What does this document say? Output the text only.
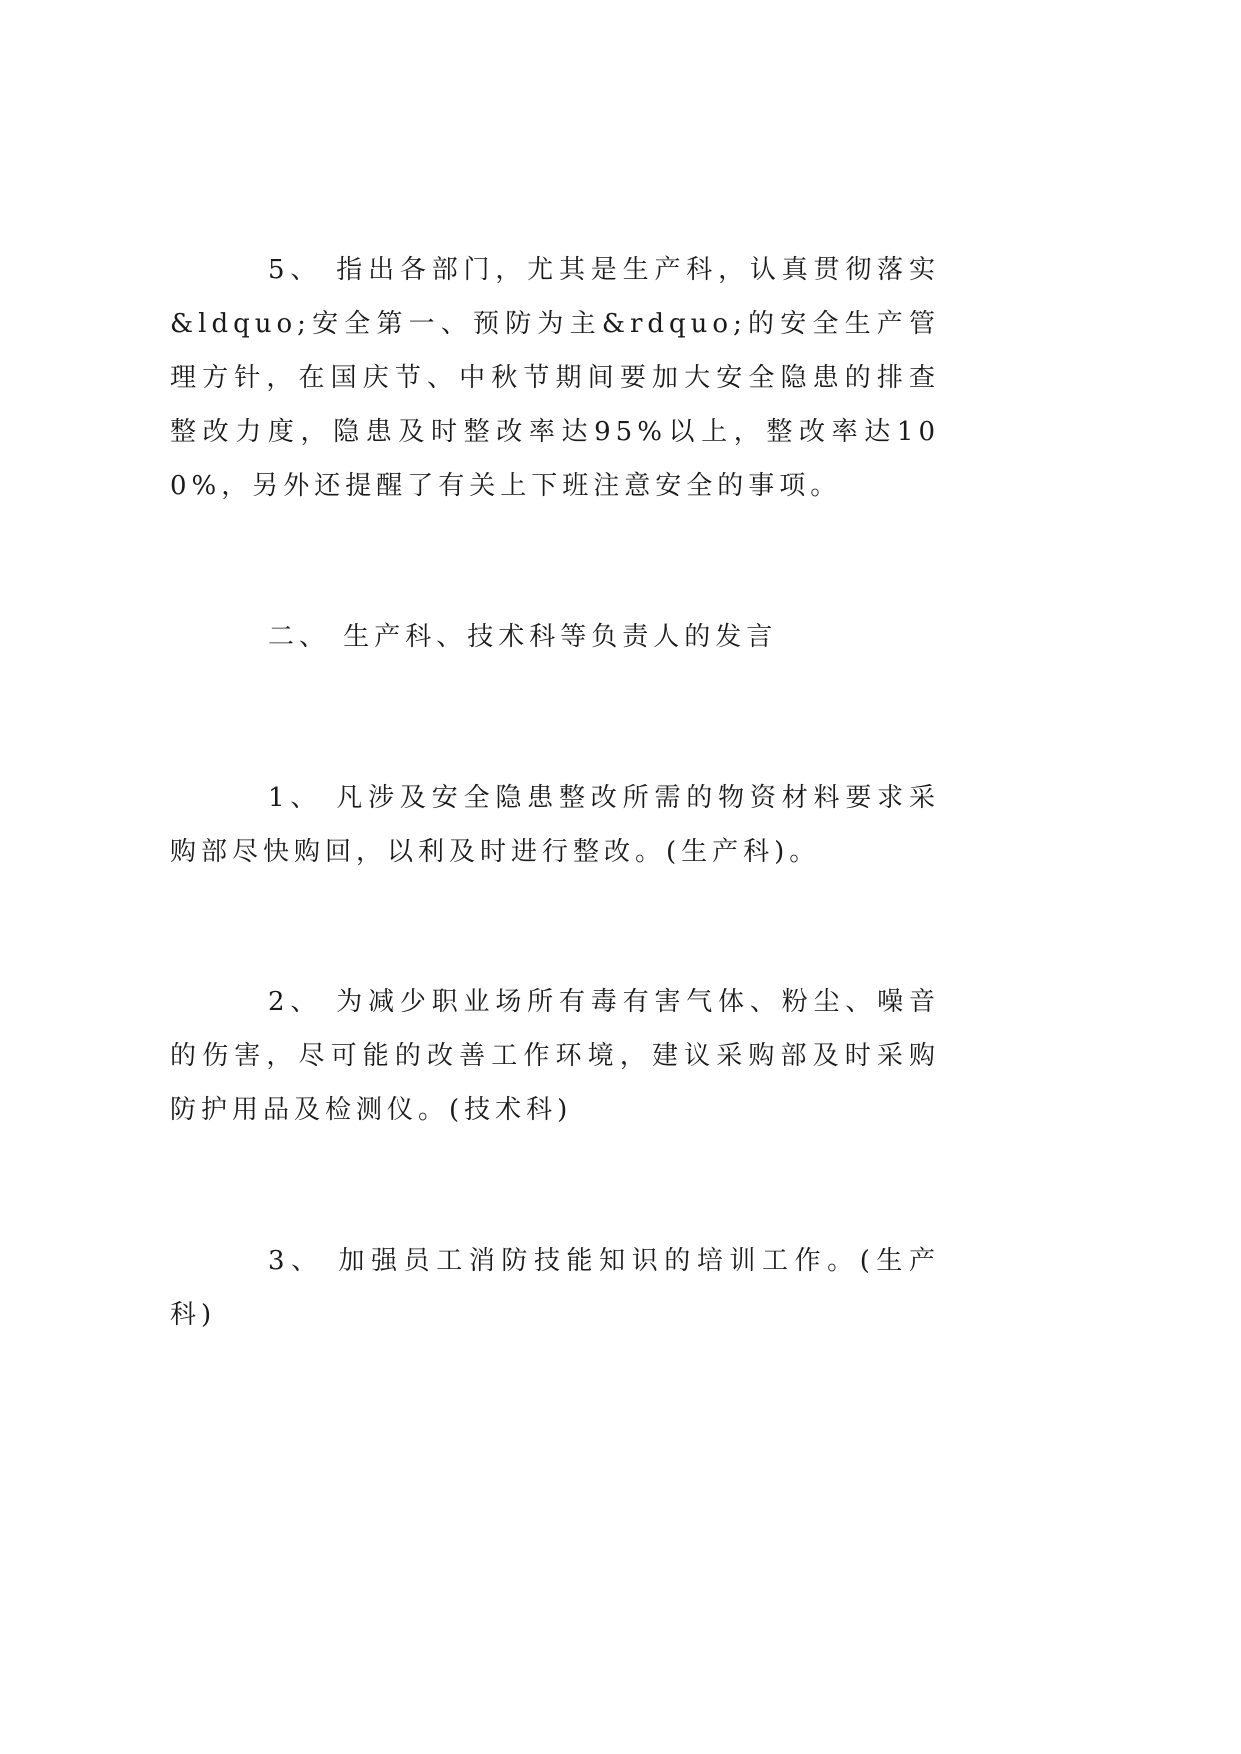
5、 指出各部门，尤其是生产科，认真贯彻落实&ldquo;安全第一、预防为主&rdquo;的安全生产管理方针，在国庆节、中秋节期间要加大安全隐患的排查整改力度，隐患及时整改率达95%以上，整改率达100%，另外还提醒了有关上下班注意安全的事项。

二、 生产科、技术科等负责人的发言

1、 凡涉及安全隐患整改所需的物资材料要求采购部尽快购回，以利及时进行整改。(生产科)。

2、 为减少职业场所有毒有害气体、粉尘、噪音的伤害，尽可能的改善工作环境，建议采购部及时采购防护用品及检测仪。(技术科)

3、 加强员工消防技能知识的培训工作。(生产科)
